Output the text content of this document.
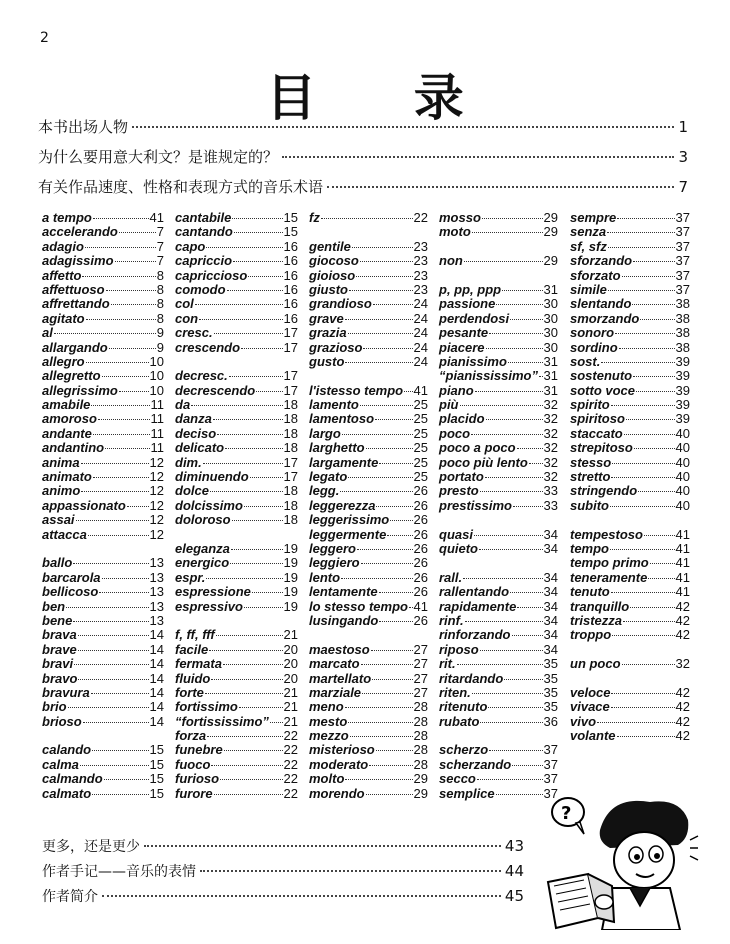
2
目 录
本书出场人物	1
为什么要用意大利文？是谁规定的？	3
有关作品速度、性格和表现方式的音乐术语	7
a tempo	41
accelerando	7
adagio	7
adagissimo	7
affetto	8
affettuoso	8
affrettando	8
agitato	8
al	9
allargando	9
allegro	10
allegretto	10
allegrissimo 10
amabile	11
amoroso	11
andante	11
andantino	11
anima	12
animato	12
animo	12
appassionato 12
assai	12
attacca	12
ballo	13
barcarola	13
bellicoso	13
ben	13
bene	13
brava	14
brave	14
bravi	14
bravo	14
bravura	14
brio	14
brioso	14
calando	15
calma	15
calmando	15
calmato	15
cantabile	15
cantando	15
capo	16
capriccio	16
capriccioso	16
comodo	16
col	16
con	16
cresc.	17
crescendo	17
decresc.	17
decrescendo 17
da	18
danza	18
deciso	18
delicato	18
dim.	17
diminuendo	17
dolce	18
dolcissimo	18
doloroso	18
eleganza	19
energico	19
espr.	19
espressione	19
espressivo	19
f, ff, fff	21
facile	20
fermata	20
fluido	20
forte	21
fortissimo	21
“fortississimo” 21
forza	22
funebre	22
fuoco	22
furioso	22
furore	22
fz	22
gentile	23
giocoso	23
gioioso	23
giusto	23
grandioso	24
grave	24
grazia	24
grazioso	24
gusto	24
l'istesso tempo 41
lamento	25
lamentoso	25
largo	25
larghetto	25
largamente	25
legato	25
legg.	26
leggerezza	26
leggerissimo 26
leggermente 26
leggero	26
leggiero	26
lento	26
lentamente	26
lo stesso tempo 41
lusingando	26
maestoso	27
marcato	27
martellato	27
marziale	27
meno	28
mesto	28
mezzo	28
misterioso	28
moderato	28
molto	29
morendo	29
mosso	29
moto	29
non	29
p, pp, ppp	31
passione	30
perdendosi	30
pesante	30
piacere	30
pianissimo	31
“pianississimo” 31
piano	31
più	32
placido	32
poco	32
poco a poco 32
poco più lento 32
portato	32
presto	33
prestissimo 33
quasi	34
quieto	34
rall.	34
rallentando	34
rapidamente 34
rinf.	34
rinforzando	34
riposo	34
rit.	35
ritardando	35
riten.	35
ritenuto	35
rubato	36
scherzo	37
scherzando 37
secco	37
semplice	37
sempre	37
senza	37
sf, sfz	37
sforzando	37
sforzato	37
simile	37
slentando	38
smorzando	38
sonoro	38
sordino	38
sost.	39
sostenuto	39
sotto voce	39
spirito	39
spiritoso	39
staccato	40
strepitoso	40
stesso	40
stretto	40
stringendo	40
subito	40
tempestoso	41
tempo	41
tempo primo 41
teneramente 41
tenuto	41
tranquillo	42
tristezza	42
troppo	42
un poco	32
veloce	42
vivace	42
vivo	42
volante	42
更多，还是更少	43
作者手记——音乐的表情	44
作者简介	45
?
